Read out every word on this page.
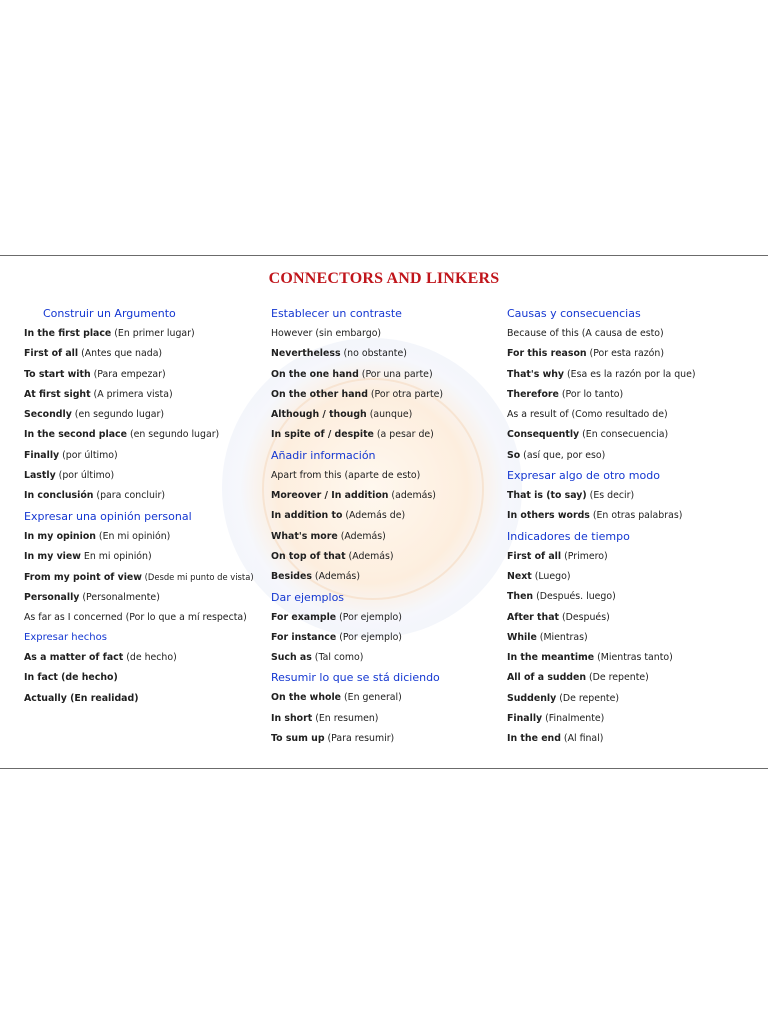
CONNECTORS AND LINKERS
Construir un Argumento
In the first place (En primer lugar)
First of all (Antes que nada)
To start with (Para empezar)
At first sight (A primera vista)
Secondly (en segundo lugar)
In the second place (en segundo lugar)
Finally (por último)
Lastly (por último)
In conclusión (para concluir)
Expresar una opinión personal
In my opinion (En mi opinión)
In my view En mi opinión)
From my point of view (Desde mi punto de vista)
Personally (Personalmente)
As far as I concerned (Por lo que a mí respecta)
Expresar hechos
As a matter of fact (de hecho)
In fact (de hecho)
Actually (En realidad)
Establecer un contraste
However (sin embargo)
Nevertheless (no obstante)
On the one hand (Por una parte)
On the other hand (Por otra parte)
Although / though (aunque)
In spite of / despite (a pesar de)
Añadir información
Apart from this (aparte de esto)
Moreover / In addition (además)
In addition to (Además de)
What's more (Además)
On top of that (Además)
Besides (Además)
Dar ejemplos
For example (Por ejemplo)
For instance (Por ejemplo)
Such as (Tal como)
Resumir lo que se stá diciendo
On the whole (En general)
In short (En resumen)
To sum up (Para resumir)
Causas y consecuencias
Because of this (A causa de esto)
For this reason (Por esta razón)
That's why (Esa es la razón por la que)
Therefore (Por lo tanto)
As a result of (Como resultado de)
Consequently (En consecuencia)
So (así que, por eso)
Expresar algo de otro modo
That is (to say) (Es decir)
In others words (En otras palabras)
Indicadores de tiempo
First of all (Primero)
Next (Luego)
Then (Después. luego)
After that (Después)
While (Mientras)
In the meantime (Mientras tanto)
All of a sudden (De repente)
Suddenly (De repente)
Finally (Finalmente)
In the end (Al final)
